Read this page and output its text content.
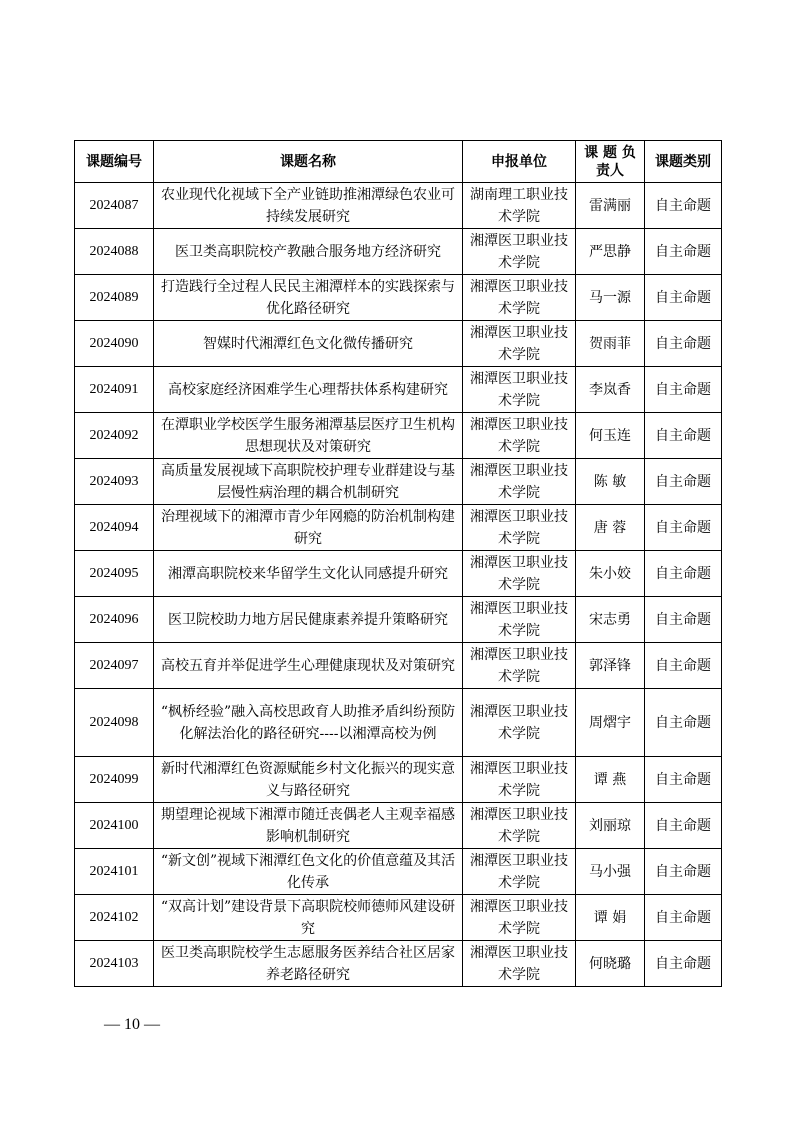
课题编号	课题名称	申报单位	课 题 负责人	课题类别
2024087	农业现代化视域下全产业链助推湘潭绿色农业可持续发展研究	湖南理工职业技术学院	雷满丽	自主命题
2024088	医卫类高职院校产教融合服务地方经济研究	湘潭医卫职业技术学院	严思静	自主命题
2024089	打造践行全过程人民民主湘潭样本的实践探索与优化路径研究	湘潭医卫职业技术学院	马一源	自主命题
2024090	智媒时代湘潭红色文化微传播研究	湘潭医卫职业技术学院	贺雨菲	自主命题
2024091	高校家庭经济困难学生心理帮扶体系构建研究	湘潭医卫职业技术学院	李岚香	自主命题
2024092	在潭职业学校医学生服务湘潭基层医疗卫生机构思想现状及对策研究	湘潭医卫职业技术学院	何玉连	自主命题
2024093	高质量发展视域下高职院校护理专业群建设与基层慢性病治理的耦合机制研究	湘潭医卫职业技术学院	陈 敏	自主命题
2024094	治理视域下的湘潭市青少年网瘾的防治机制构建研究	湘潭医卫职业技术学院	唐 蓉	自主命题
2024095	湘潭高职院校来华留学生文化认同感提升研究	湘潭医卫职业技术学院	朱小姣	自主命题
2024096	医卫院校助力地方居民健康素养提升策略研究	湘潭医卫职业技术学院	宋志勇	自主命题
2024097	高校五育并举促进学生心理健康现状及对策研究	湘潭医卫职业技术学院	郭泽锋	自主命题
2024098	“枫桥经验”融入高校思政育人助推矛盾纠纷预防化解法治化的路径研究----以湘潭高校为例	湘潭医卫职业技术学院	周熠宇	自主命题
2024099	新时代湘潭红色资源赋能乡村文化振兴的现实意义与路径研究	湘潭医卫职业技术学院	谭 燕	自主命题
2024100	期望理论视域下湘潭市随迁丧偶老人主观幸福感影响机制研究	湘潭医卫职业技术学院	刘丽琼	自主命题
2024101	“新文创”视域下湘潭红色文化的价值意蕴及其活化传承	湘潭医卫职业技术学院	马小强	自主命题
2024102	“双高计划”建设背景下高职院校师德师风建设研究	湘潭医卫职业技术学院	谭 娟	自主命题
2024103	医卫类高职院校学生志愿服务医养结合社区居家养老路径研究	湘潭医卫职业技术学院	何晓璐	自主命题
— 10 —
